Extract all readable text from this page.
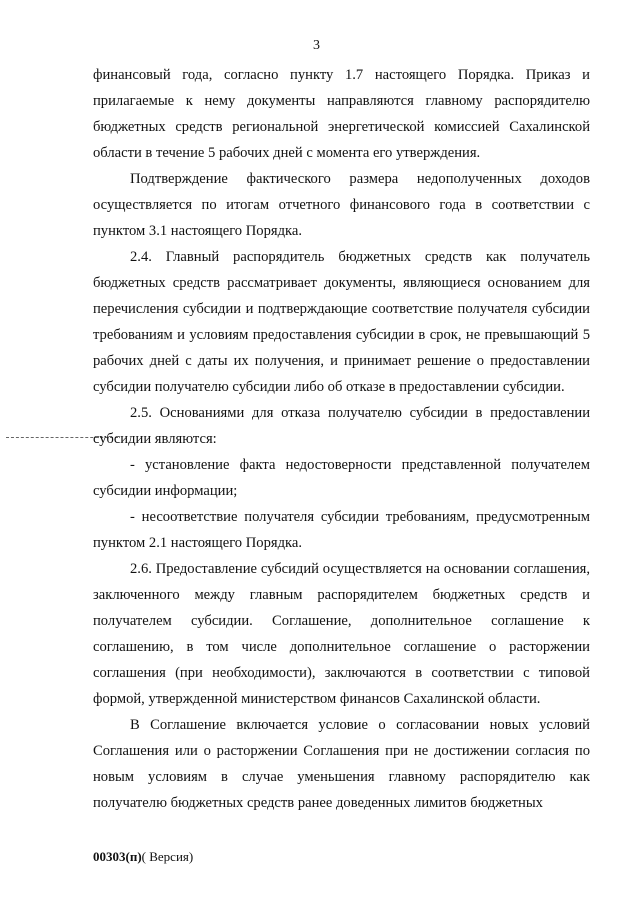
3

финансовый года, согласно пункту 1.7 настоящего Порядка. Приказ и прилагаемые к нему документы направляются главному распорядителю бюджетных средств региональной энергетической комиссией Сахалинской области в течение 5 рабочих дней с момента его утверждения.

Подтверждение фактического размера недополученных доходов осуществляется по итогам отчетного финансового года в соответствии с пунктом 3.1 настоящего Порядка.

2.4. Главный распорядитель бюджетных средств как получатель бюджетных средств рассматривает документы, являющиеся основанием для перечисления субсидии и подтверждающие соответствие получателя субсидии требованиям и условиям предоставления субсидии в срок, не превышающий 5 рабочих дней с даты их получения, и принимает решение о предоставлении субсидии получателю субсидии либо об отказе в предоставлении субсидии.

2.5. Основаниями для отказа получателю субсидии в предоставлении субсидии являются:

- установление факта недостоверности представленной получателем субсидии информации;

- несоответствие получателя субсидии требованиям, предусмотренным пунктом 2.1 настоящего Порядка.

2.6. Предоставление субсидий осуществляется на основании соглашения, заключенного между главным распорядителем бюджетных средств и получателем субсидии. Соглашение, дополнительное соглашение к соглашению, в том числе дополнительное соглашение о расторжении соглашения (при необходимости), заключаются в соответствии с типовой формой, утвержденной министерством финансов Сахалинской области.

В Соглашение включается условие о согласовании новых условий Соглашения или о расторжении Соглашения при не достижении согласия по новым условиям в случае уменьшения главному распорядителю как получателю бюджетных средств ранее доведенных лимитов бюджетных

00303(п)( Версия)
